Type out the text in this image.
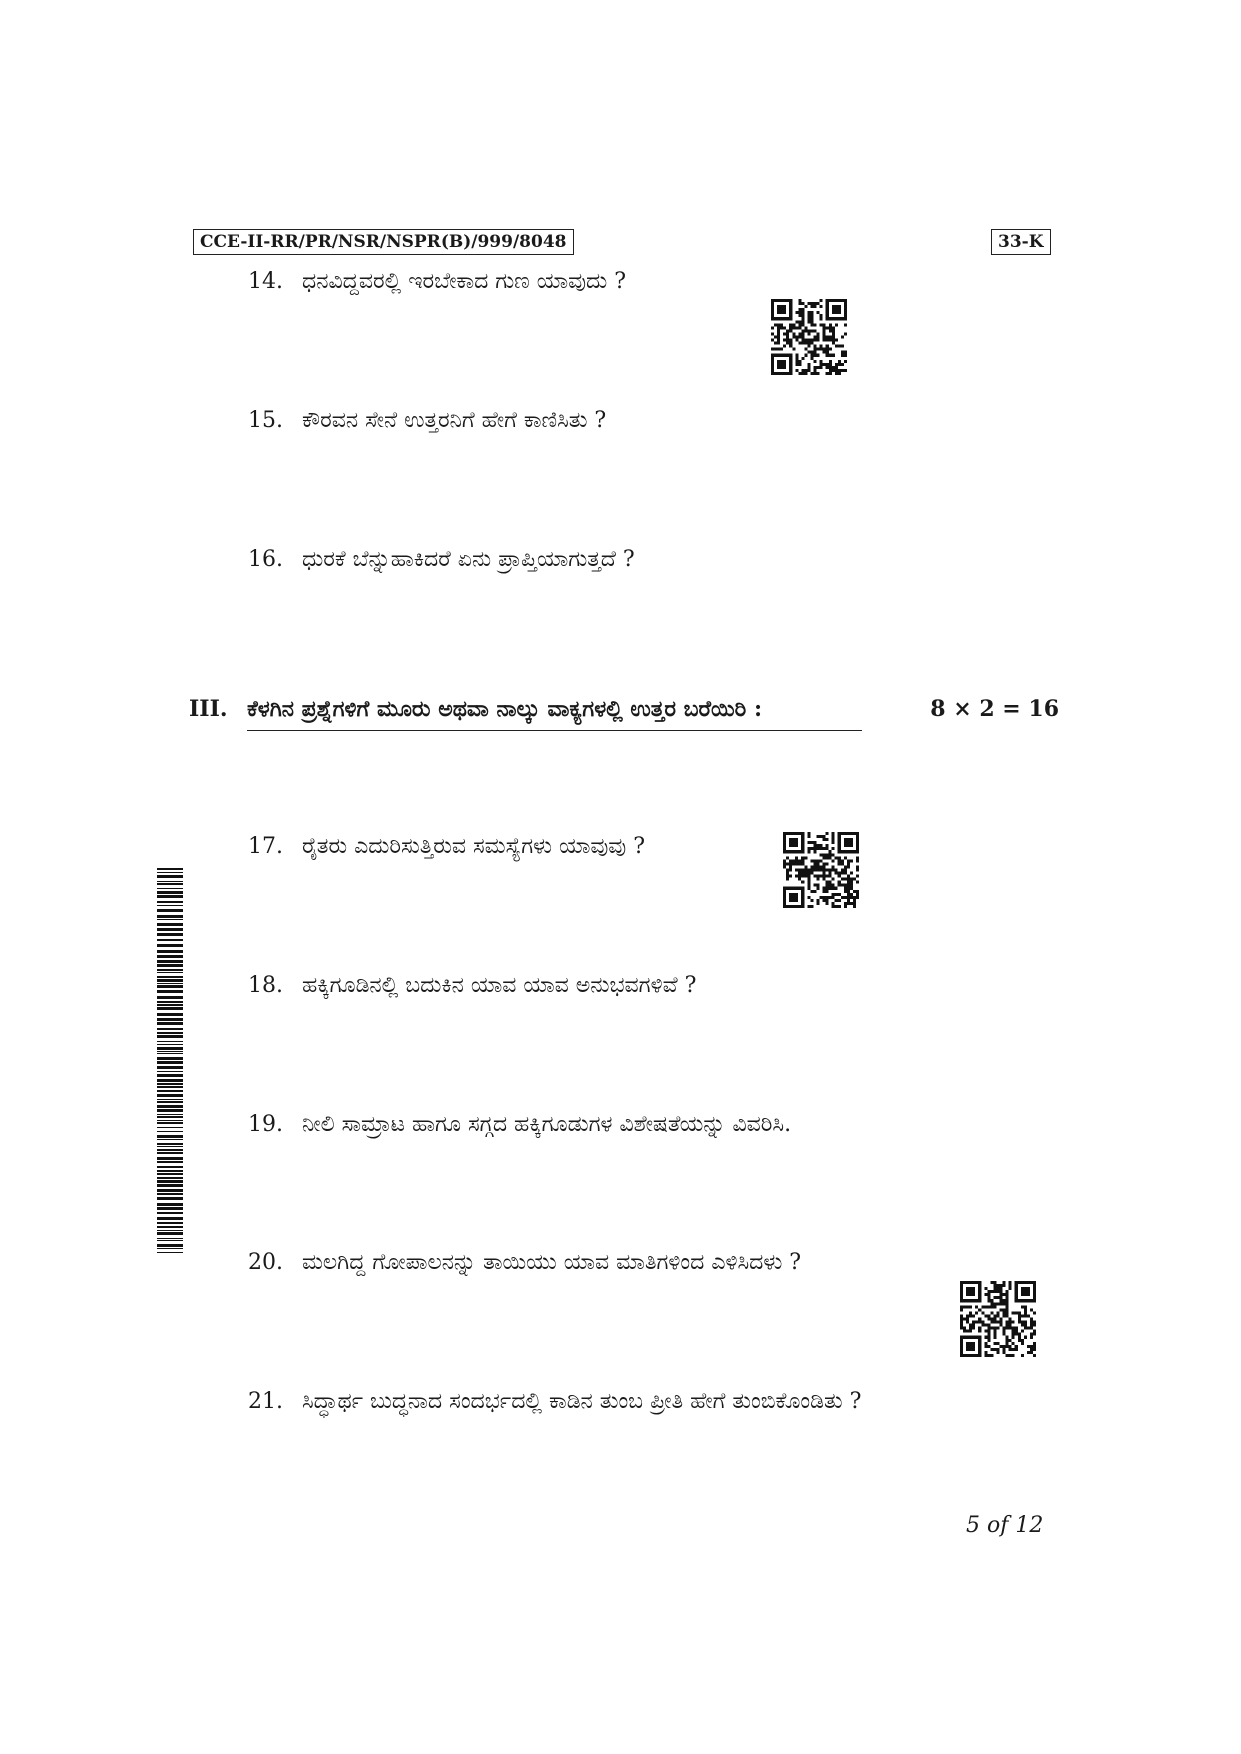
CCE-II-RR/PR/NSR/NSPR(B)/999/8048	33-K
14. ಧನವಿದ್ದವರಲ್ಲಿ ಇರಬೇಕಾದ ಗುಣ ಯಾವುದು ?
15. ಕೌರವನ ಸೇನೆ ಉತ್ತರನಿಗೆ ಹೇಗೆ ಕಾಣಿಸಿತು ?
16. ಧುರಕೆ ಬೆನ್ನುಹಾಕಿದರೆ ಏನು ಪ್ರಾಪ್ತಿಯಾಗುತ್ತದೆ ?
III. ಕೆಳಗಿನ ಪ್ರಶ್ನೆಗಳಿಗೆ ಮೂರು ಅಥವಾ ನಾಲ್ಕು ವಾಕ್ಯಗಳಲ್ಲಿ ಉತ್ತರ ಬರೆಯಿರಿ :	8 × 2 = 16
17. ರೈತರು ಎದುರಿಸುತ್ತಿರುವ ಸಮಸ್ಯೆಗಳು ಯಾವುವು ?
18. ಹಕ್ಕಿಗೂಡಿನಲ್ಲಿ ಬದುಕಿನ ಯಾವ ಯಾವ ಅನುಭವಗಳಿವೆ ?
19. ನೀಲಿ ಸಾಮ್ರಾಟ ಹಾಗೂ ಸಗ್ಗದ ಹಕ್ಕಿಗೂಡುಗಳ ವಿಶೇಷತೆಯನ್ನು ವಿವರಿಸಿ.
20. ಮಲಗಿದ್ದ ಗೋಪಾಲನನ್ನು ತಾಯಿಯು ಯಾವ ಮಾತಿಗಳಿಂದ ಎಳಿಸಿದಳು ?
21. ಸಿದ್ಧಾರ್ಥ ಬುದ್ಧನಾದ ಸಂದರ್ಭದಲ್ಲಿ ಕಾಡಿನ ತುಂಬ ಪ್ರೀತಿ ಹೇಗೆ ತುಂಬಿಕೊಂಡಿತು ?
5 of 12
